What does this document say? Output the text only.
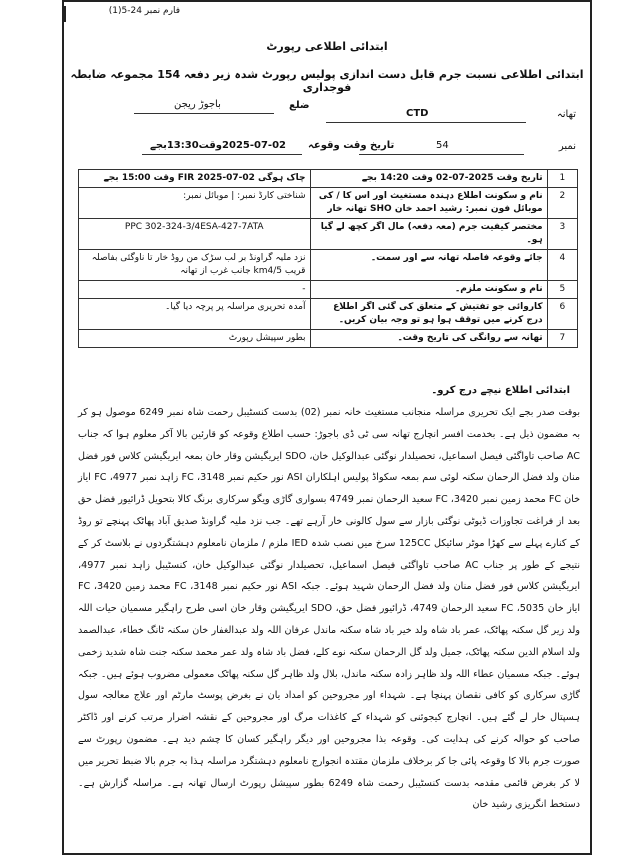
فارم نمبر 24-5(1)
ابتدائی اطلاعی رپورٹ
ابتدائی اطلاعی نسبت جرم قابل دست اندازی پولیس رپورٹ شدہ زیر دفعہ 154 مجموعہ ضابطہ فوجداری
تھانہ
CTD
ضلع
باجوڑ ریجن
نمبر
54
تاریخ وقت وقوعہ
2025-07-02وقت13:30بجے
1	تاریخ وقت 2025-07-02 وقت 14:20 بجے	چاک ہوگی FIR 2025-07-02 وقت 15:00 بجے
2	نام و سکونت اطلاع دہندہ مستغیث اور اس کا / کی موبائل فون نمبر: رشید احمد خان SHO تھانہ خار	شناختی کارڈ نمبر: | موبائل نمبر:
3	مختصر کیفیت جرم (معہ دفعہ) مال اگر کچھ لے گیا ہو۔	PPC 302-324-3/4ESA-427-7ATA
4	جائے وقوعہ فاصلہ تھانہ سے اور سمت۔	نزد ملیہ گراونڈ بر لب سڑک من روڈ خار تا ناوگئی بفاصلہ قریب 5/km4 جانب غرب از تھانہ
5	نام و سکونت ملزم۔	-
6	کاروائی جو تفتیش کے متعلق کی گئی اگر اطلاع درج کرنے میں توقف ہوا ہو تو وجہ بیان کریں۔	آمدہ تحریری مراسلہ پر پرچہ دیا گیا۔
7	تھانہ سے روانگی کی تاریخ وقت۔	بطور سپیشل رپورٹ
ابتدائی اطلاع نیچے درج کرو۔
بوقت صدر بجے ایک تحریری مراسلہ منجانب مستغیث خانہ نمبر (02) بدست کنسٹیبل رحمت شاہ نمبر 6249 موصول ہو کر بہ مضمون ذیل ہے۔ بخدمت افسر انچارج تھانہ سی ٹی ڈی باجوڑ: حسب اطلاع وقوعہ کو قارئین بالا آکر معلوم ہوا کہ جناب AC صاحب تاواگئی فیصل اسماعیل، تحصیلدار نوگئی عبدالوکیل خان، SDO ایریگیشن وقار خان بمعہ ایریگیشن کلاس فور فضل منان ولد فضل الرحمان سکنہ لوئی سم بمعہ سکواڈ پولیس اہلکاران ASI نور حکیم نمبر 3148، FC زاہد نمبر 4977، FC ایاز خان FC محمد زمین نمبر 3420، FC سعید الرحمان نمبر 4749 بسواری گاڑی ویگو سرکاری برنگ کالا بتحویل ڈرائیور فضل حق بعد از فراغت تجاوزات ڈیوٹی نوگئی بازار سے سول کالونی خار آرہے تھے۔ جب نزد ملیہ گراونڈ صدیق آباد پھاٹک پہنچے تو روڈ کے کنارے پہلے سے کھڑا موٹر سائیکل 125CC سرخ میں نصب شدہ IED ملزم / ملزمان نامعلوم دہشتگردوں نے بلاسٹ کر کے نتیجے کے طور پر جناب AC صاحب تاواگئی فیصل اسماعیل، تحصیلدار نوگئی عبدالوکیل خان، کنسٹیبل زاہد نمبر 4977، ایریگیشن کلاس فور فضل منان ولد فضل الرحمان شہید ہوئے۔ جبکہ ASI نور حکیم نمبر 3148، FC محمد زمین 3420، FC ایاز خان 5035، FC سعید الرحمان 4749، ڈرائیور فضل حق، SDO ایریگیشن وقار خان اسی طرح راہگیر مسمیان حیات اللہ ولد زیر گل سکنہ پھاٹک، عمر باد شاہ ولد خیر باد شاہ سکنہ ماندل عرفان اللہ ولد عبدالغفار خان سکنہ ٹانگ خطاء، عبدالصمد ولد اسلام الدین سکنہ پھاٹک، جمیل ولد گل الرحمان سکنہ نوے کلے، فضل باد شاہ ولد عمر محمد سکنہ جنت شاہ شدید زخمی ہوئے۔ جبکہ مسمیان عطاء اللہ ولد ظاہر زادہ سکنہ ماندل، بلال ولد ظاہر گل سکنہ پھاٹک معمولی مضروب ہوئے ہیں۔ جبکہ گاڑی سرکاری کو کافی نقصان پہنچا ہے۔ شہداء اور مجروحین کو امداد یان نے بغرض پوسٹ مارٹم اور علاج معالجہ سول ہسپتال خار لے گئے ہیں۔ انچارج کیجوئنی کو شہداء کے کاغذات مرگ اور مجروحین کے نقشہ اضرار مرتب کرنے اور ڈاکٹر صاحب کو حوالہ کرنے کی ہدایت کی۔ وقوعہ بذا مجروحین اور دیگر راہگیر کسان کا چشم دید ہے۔ مضمون رپورٹ سے صورت جرم بالا کا وقوعہ پائی جا کر برخلاف ملزمان مقتدہ انجوارج نامعلوم دہشتگرد مراسلہ ہذا بہ جرم بالا ضبط تحریر میں لا کر بغرض قائمی مقدمہ بدست کنسٹیبل رحمت شاہ 6249 بطور سپیشل رپورٹ ارسال تھانہ ہے۔ مراسلہ گزارش ہے۔ دستخط انگریزی رشید خان
